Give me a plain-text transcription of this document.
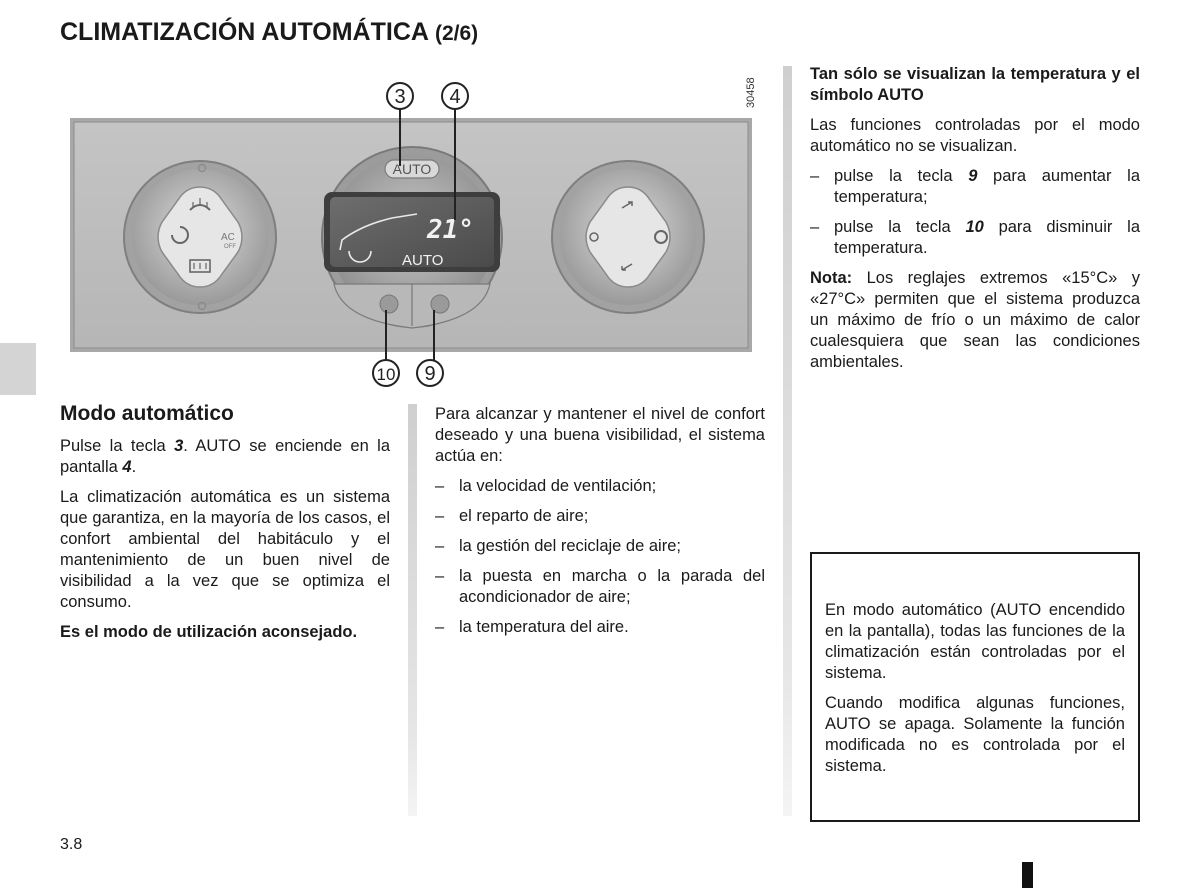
CLIMATIZACIÓN AUTOMÁTICA (2/6)
AC
OFF
AUTO
21°
AUTO
3 4
10 9
30458
Modo automático

Pulse la tecla 3. AUTO se enciende en la pantalla 4.

La climatización automática es un sistema que garantiza, en la mayoría de los casos, el confort ambiental del habitáculo y el mantenimiento de un buen nivel de visibilidad a la vez que se optimiza el consumo.

Es el modo de utilización aconsejado.

Para alcanzar y mantener el nivel de confort deseado y una buena visibilidad, el sistema actúa en:

– la velocidad de ventilación;
– el reparto de aire;
– la gestión del reciclaje de aire;
– la puesta en marcha o la parada del acondicionador de aire;
– la temperatura del aire.

Tan sólo se visualizan la temperatura y el símbolo AUTO

Las funciones controladas por el modo automático no se visualizan.

– pulse la tecla 9 para aumentar la temperatura;
– pulse la tecla 10 para disminuir la temperatura.

Nota: Los reglajes extremos «15°C» y «27°C» permiten que el sistema produzca un máximo de frío o un máximo de calor cualesquiera que sean las condiciones ambientales.

En modo automático (AUTO encendido en la pantalla), todas las funciones de la climatización están controladas por el sistema.

Cuando modifica algunas funciones, AUTO se apaga. Solamente la función modificada no es controlada por el sistema.

3.8
